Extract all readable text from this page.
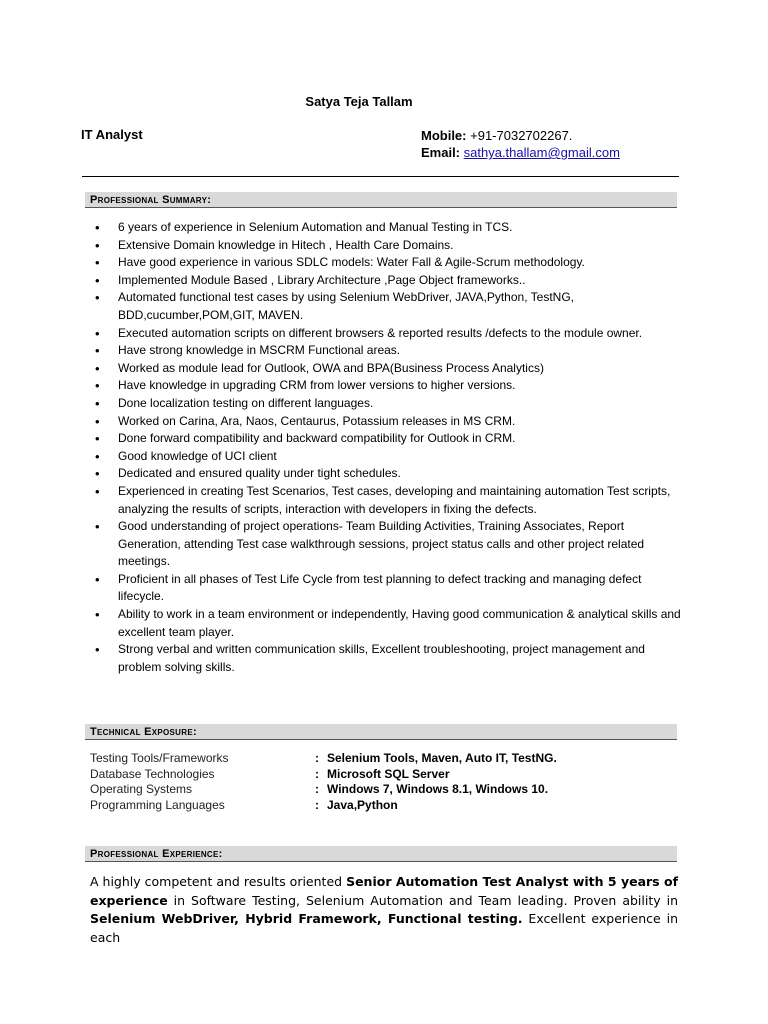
Satya Teja Tallam
IT Analyst	Mobile: +91-7032702267.
Email: sathya.thallam@gmail.com
Professional Summary:
• 6 years of experience in Selenium Automation and Manual Testing in TCS.
• Extensive Domain knowledge in Hitech , Health Care Domains.
• Have good experience in various SDLC models: Water Fall & Agile-Scrum methodology.
• Implemented Module Based , Library Architecture ,Page Object frameworks..
• Automated functional test cases by using Selenium WebDriver, JAVA,Python, TestNG, BDD,cucumber,POM,GIT, MAVEN.
• Executed automation scripts on different browsers & reported results /defects to the module owner.
• Have strong knowledge in MSCRM Functional areas.
• Worked as module lead for Outlook, OWA and BPA(Business Process Analytics)
• Have knowledge in upgrading CRM from lower versions to higher versions.
• Done localization testing on different languages.
• Worked on Carina, Ara, Naos, Centaurus, Potassium releases in MS CRM.
• Done forward compatibility and backward compatibility for Outlook in CRM.
• Good knowledge of UCI client
• Dedicated and ensured quality under tight schedules.
• Experienced in creating Test Scenarios, Test cases, developing and maintaining automation Test scripts, analyzing the results of scripts, interaction with developers in fixing the defects.
• Good understanding of project operations- Team Building Activities, Training Associates, Report Generation, attending Test case walkthrough sessions, project status calls and other project related meetings.
• Proficient in all phases of Test Life Cycle from test planning to defect tracking and managing defect lifecycle.
• Ability to work in a team environment or independently, Having good communication & analytical skills and excellent team player.
• Strong verbal and written communication skills, Excellent troubleshooting, project management and problem solving skills.
Technical Exposure:
Testing Tools/Frameworks	: Selenium Tools, Maven, Auto IT, TestNG.
Database Technologies	: Microsoft SQL Server
Operating Systems	: Windows 7, Windows 8.1, Windows 10.
Programming Languages	: Java,Python
Professional Experience:
A highly competent and results oriented Senior Automation Test Analyst with 5 years of experience in Software Testing, Selenium Automation and Team leading. Proven ability in Selenium WebDriver, Hybrid Framework, Functional testing. Excellent experience in each
